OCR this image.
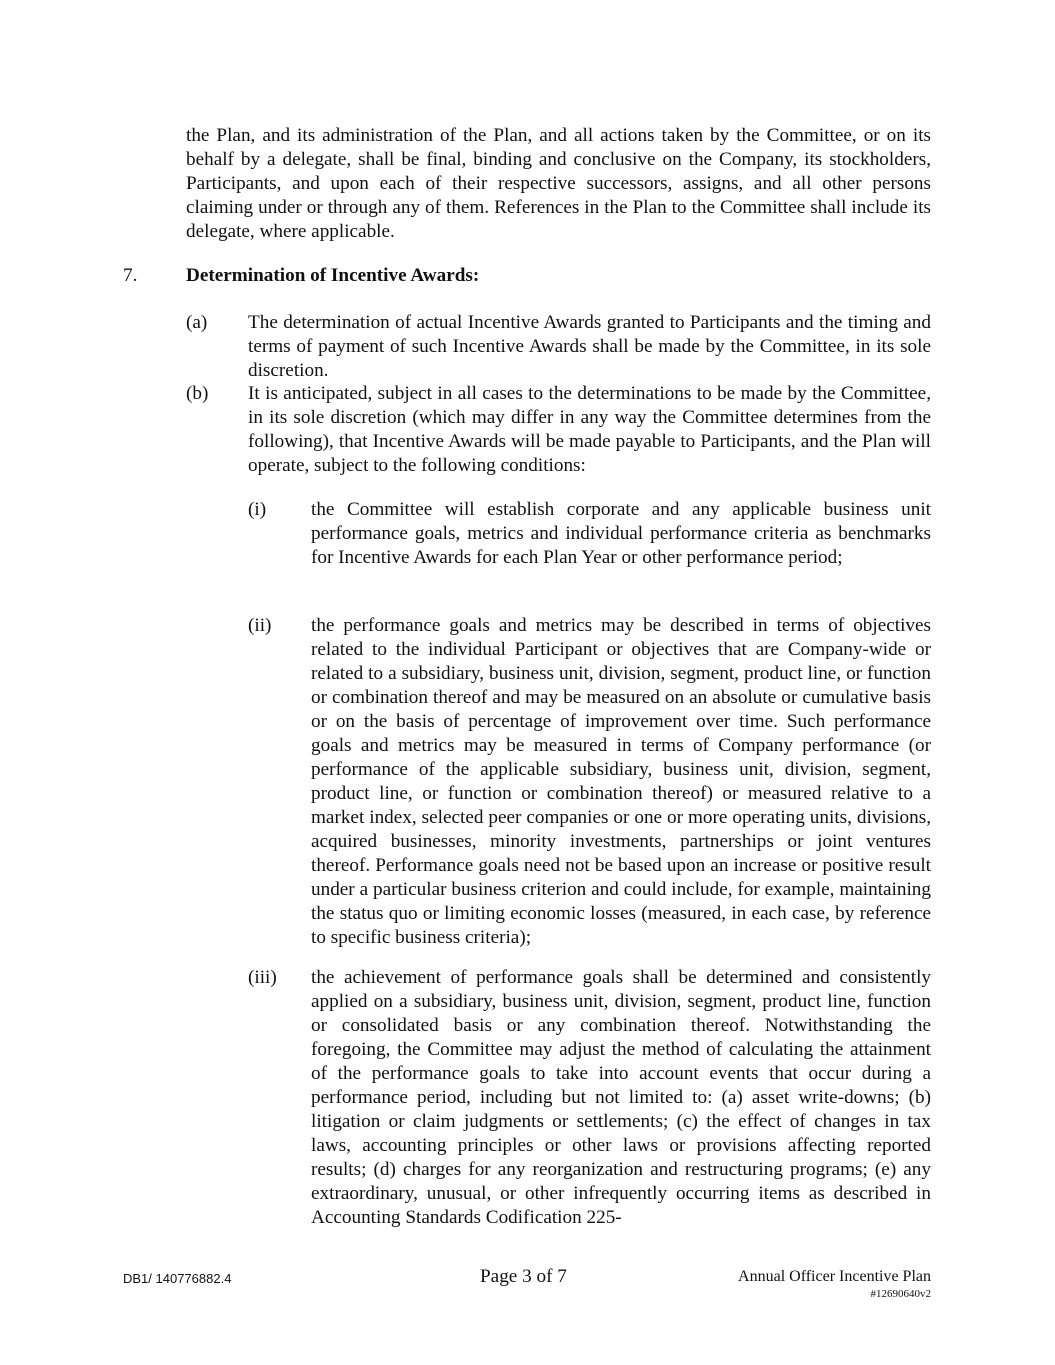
the Plan, and its administration of the Plan, and all actions taken by the Committee, or on its behalf by a delegate, shall be final, binding and conclusive on the Company, its stockholders, Participants, and upon each of their respective successors, assigns, and all other persons claiming under or through any of them. References in the Plan to the Committee shall include its delegate, where applicable.
7.	Determination of Incentive Awards:
(a) The determination of actual Incentive Awards granted to Participants and the timing and terms of payment of such Incentive Awards shall be made by the Committee, in its sole discretion.
(b) It is anticipated, subject in all cases to the determinations to be made by the Committee, in its sole discretion (which may differ in any way the Committee determines from the following), that Incentive Awards will be made payable to Participants, and the Plan will operate, subject to the following conditions:
(i) the Committee will establish corporate and any applicable business unit performance goals, metrics and individual performance criteria as benchmarks for Incentive Awards for each Plan Year or other performance period;
(ii) the performance goals and metrics may be described in terms of objectives related to the individual Participant or objectives that are Company-wide or related to a subsidiary, business unit, division, segment, product line, or function or combination thereof and may be measured on an absolute or cumulative basis or on the basis of percentage of improvement over time. Such performance goals and metrics may be measured in terms of Company performance (or performance of the applicable subsidiary, business unit, division, segment, product line, or function or combination thereof) or measured relative to a market index, selected peer companies or one or more operating units, divisions, acquired businesses, minority investments, partnerships or joint ventures thereof. Performance goals need not be based upon an increase or positive result under a particular business criterion and could include, for example, maintaining the status quo or limiting economic losses (measured, in each case, by reference to specific business criteria);
(iii) the achievement of performance goals shall be determined and consistently applied on a subsidiary, business unit, division, segment, product line, function or consolidated basis or any combination thereof. Notwithstanding the foregoing, the Committee may adjust the method of calculating the attainment of the performance goals to take into account events that occur during a performance period, including but not limited to: (a) asset write-downs; (b) litigation or claim judgments or settlements; (c) the effect of changes in tax laws, accounting principles or other laws or provisions affecting reported results; (d) charges for any reorganization and restructuring programs; (e) any extraordinary, unusual, or other infrequently occurring items as described in Accounting Standards Codification 225-
DB1/ 140776882.4	Page 3 of 7	Annual Officer Incentive Plan
#12690640v2
